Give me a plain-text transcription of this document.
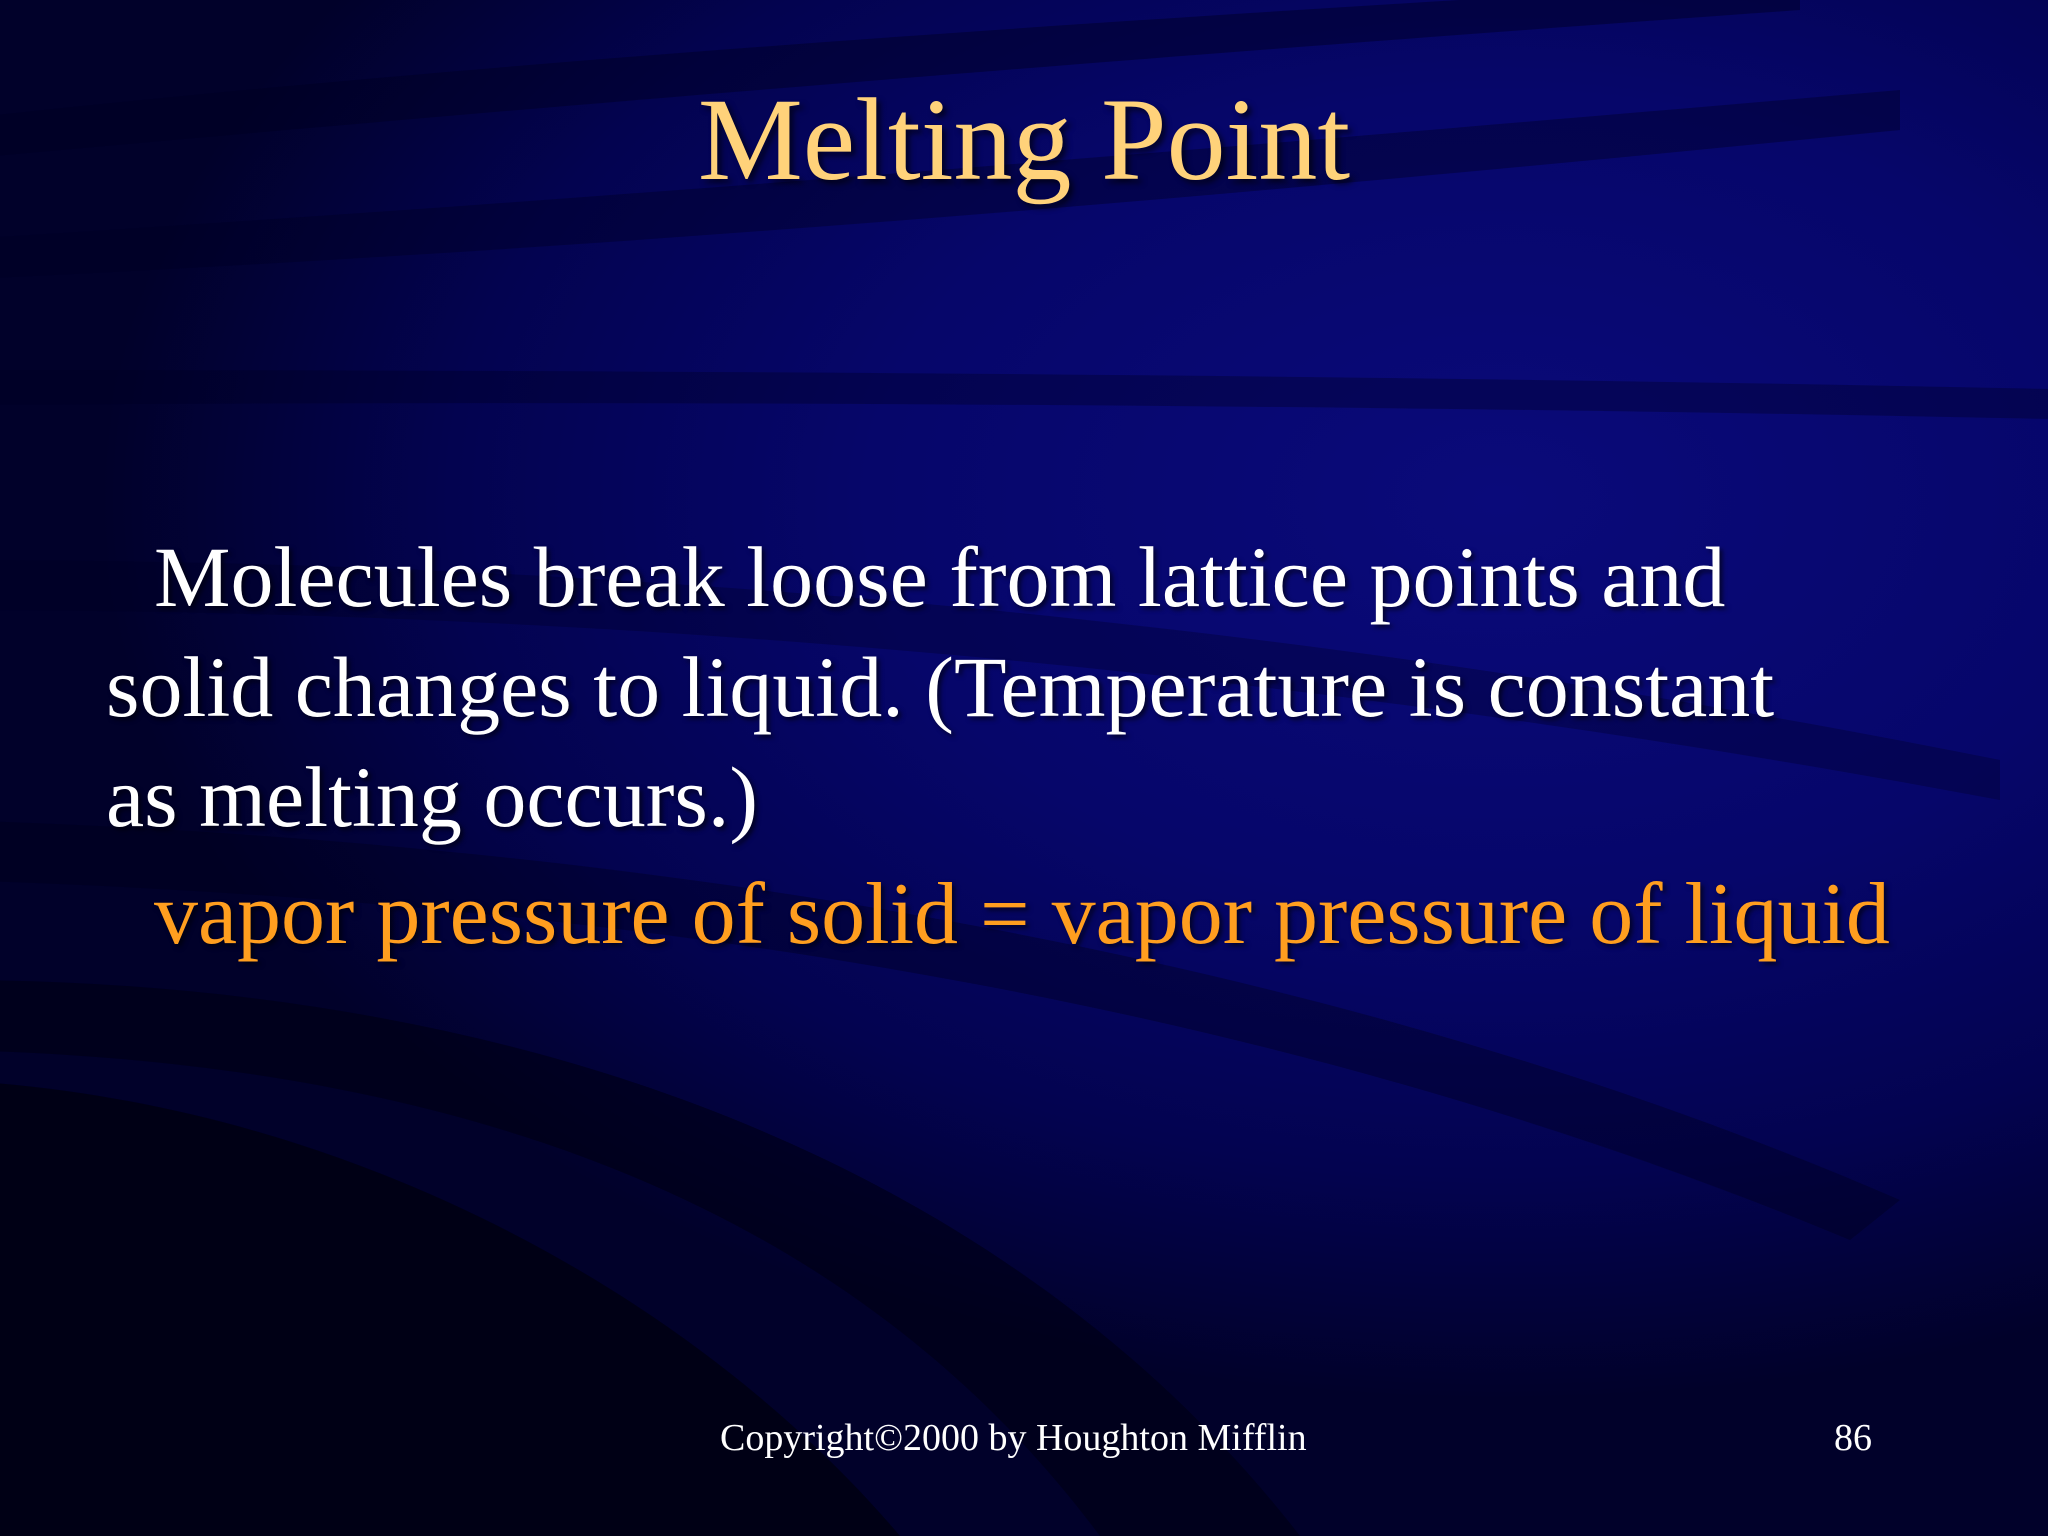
Melting Point
Molecules break loose from lattice points and
solid changes to liquid. (Temperature is constant
as melting occurs.)
vapor pressure of solid = vapor pressure of liquid
Copyright©2000 by Houghton Mifflin	86
